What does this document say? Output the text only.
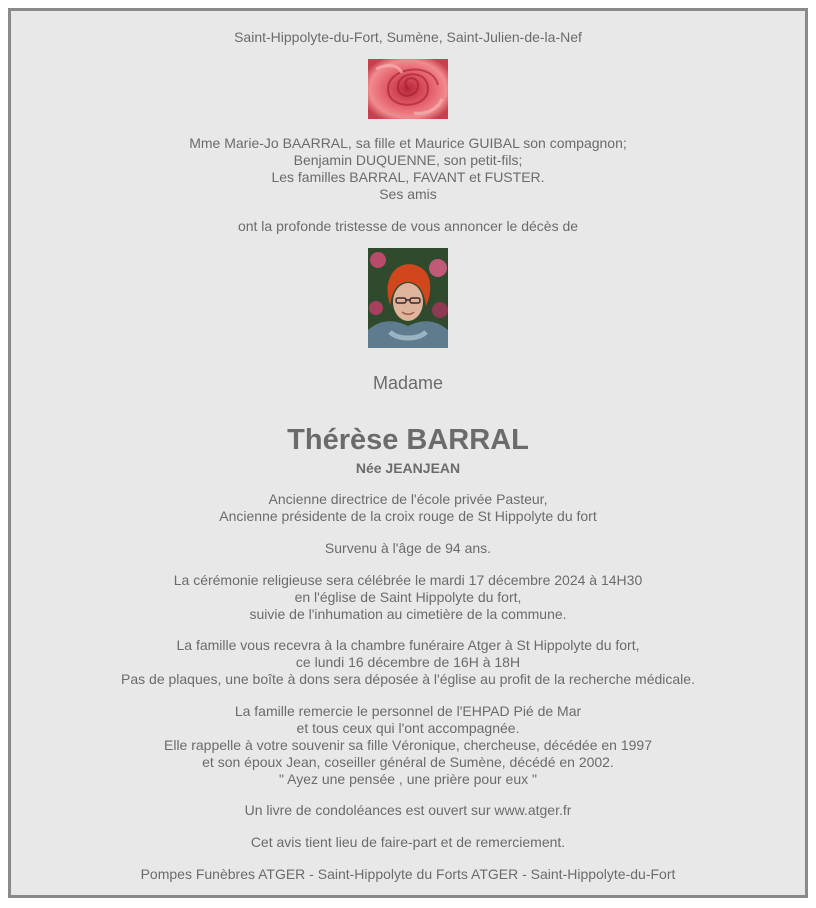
Saint-Hippolyte-du-Fort, Sumène, Saint-Julien-de-la-Nef
Mme Marie-Jo BAARRAL, sa fille et Maurice GUIBAL son compagnon;
Benjamin DUQUENNE, son petit-fils;
Les familles BARRAL, FAVANT et FUSTER.
Ses amis
ont la profonde tristesse de vous annoncer le décès de
Madame
Thérèse BARRAL
Née JEANJEAN
Ancienne directrice de l'école privée Pasteur,
Ancienne présidente de la croix rouge de St Hippolyte du fort
Survenu à l'âge de 94 ans.
La cérémonie religieuse sera célébrée le mardi 17 décembre 2024 à 14H30
en l'église de Saint Hippolyte du fort,
suivie de l'inhumation au cimetière de la commune.
La famille vous recevra à la chambre funéraire Atger à St Hippolyte du fort,
ce lundi 16 décembre de 16H à 18H
Pas de plaques, une boîte à dons sera déposée à l'église au profit de la recherche médicale.
La famille remercie le personnel de l'EHPAD Pié de Mar
et tous ceux qui l'ont accompagnée.
Elle rappelle à votre souvenir sa fille Véronique, chercheuse, décédée en 1997
et son époux Jean, coseiller général de Sumène, décédé en 2002.
" Ayez une pensée , une prière pour eux "
Un livre de condoléances est ouvert sur www.atger.fr
Cet avis tient lieu de faire-part et de remerciement.
Pompes Funèbres ATGER - Saint-Hippolyte du Forts ATGER - Saint-Hippolyte-du-Fort
